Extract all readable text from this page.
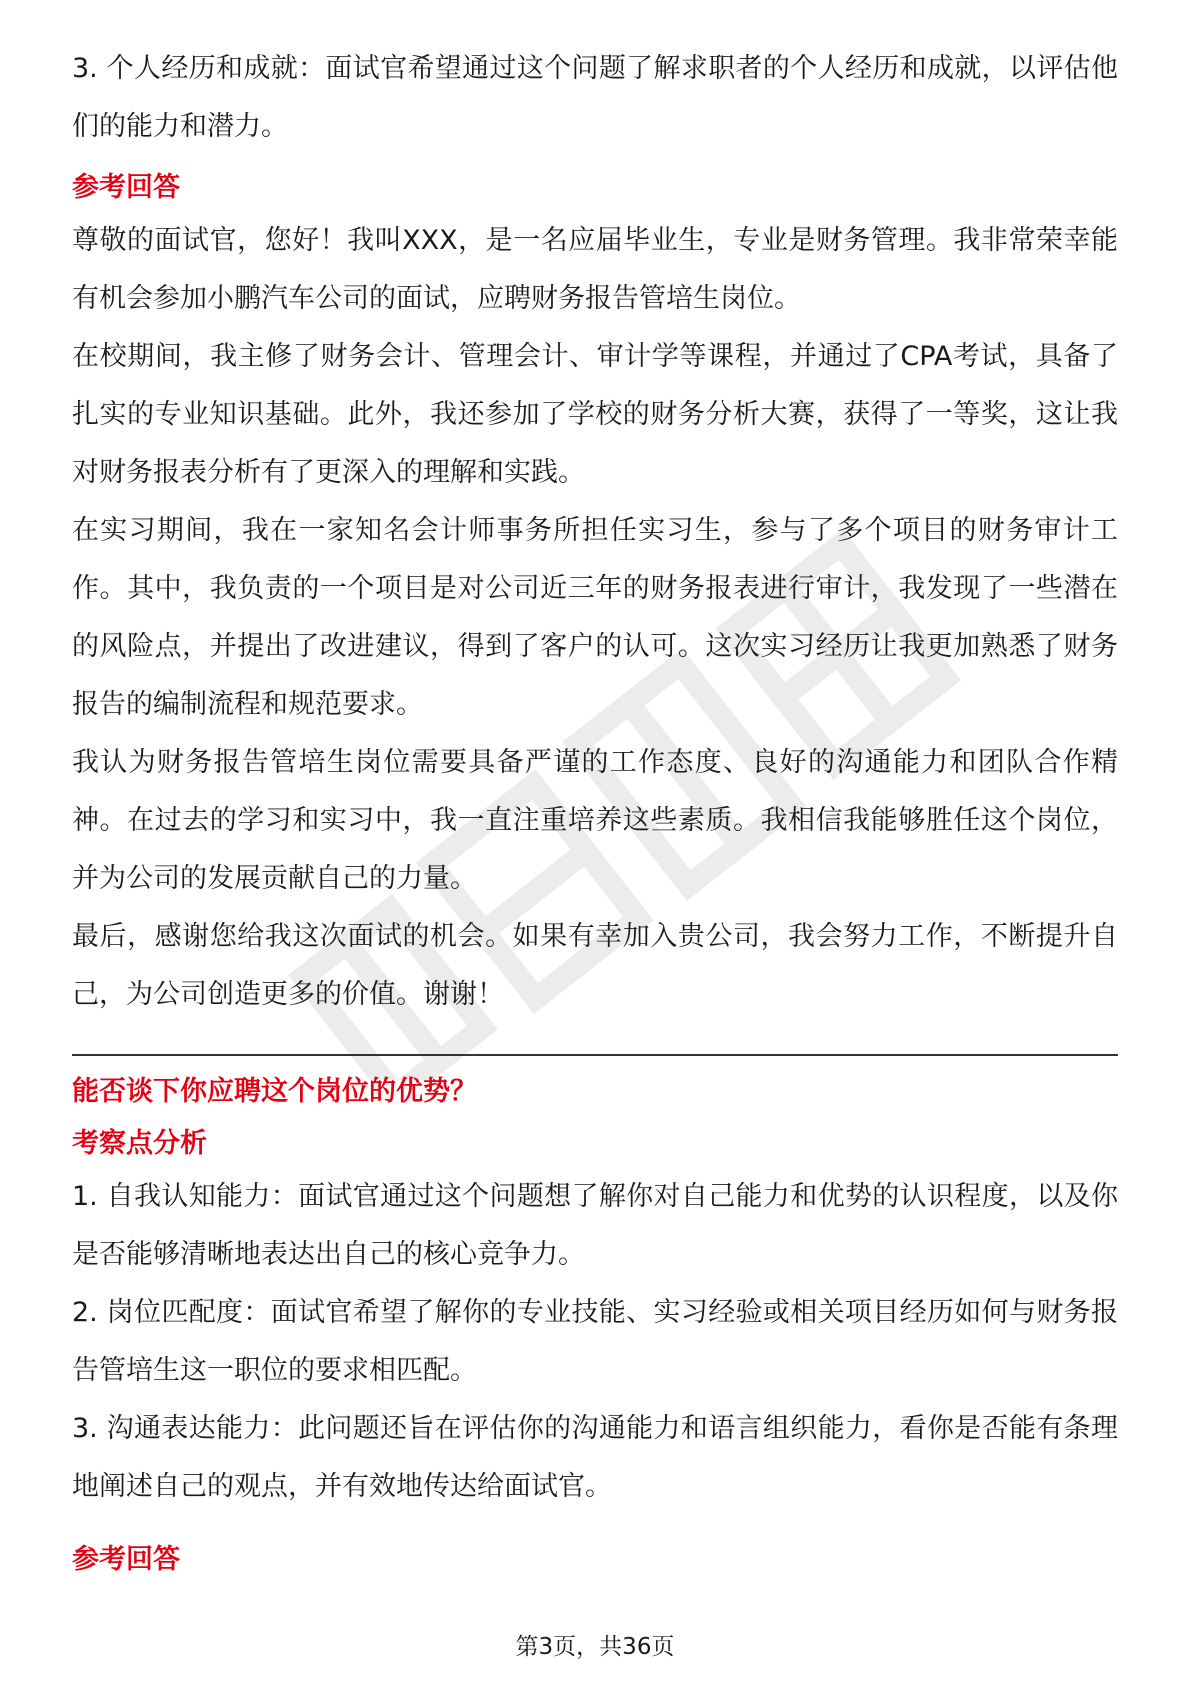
3. 个人经历和成就：面试官希望通过这个问题了解求职者的个人经历和成就，以评估他们的能力和潜力。

参考回答

尊敬的面试官，您好！我叫XXX，是一名应届毕业生，专业是财务管理。我非常荣幸能有机会参加小鹏汽车公司的面试，应聘财务报告管培生岗位。

在校期间，我主修了财务会计、管理会计、审计学等课程，并通过了CPA考试，具备了扎实的专业知识基础。此外，我还参加了学校的财务分析大赛，获得了一等奖，这让我对财务报表分析有了更深入的理解和实践。

在实习期间，我在一家知名会计师事务所担任实习生，参与了多个项目的财务审计工作。其中，我负责的一个项目是对公司近三年的财务报表进行审计，我发现了一些潜在的风险点，并提出了改进建议，得到了客户的认可。这次实习经历让我更加熟悉了财务报告的编制流程和规范要求。

我认为财务报告管培生岗位需要具备严谨的工作态度、良好的沟通能力和团队合作精神。在过去的学习和实习中，我一直注重培养这些素质。我相信我能够胜任这个岗位，并为公司的发展贡献自己的力量。

最后，感谢您给我这次面试的机会。如果有幸加入贵公司，我会努力工作，不断提升自己，为公司创造更多的价值。谢谢！

能否谈下你应聘这个岗位的优势？

考察点分析

1. 自我认知能力：面试官通过这个问题想了解你对自己能力和优势的认识程度，以及你是否能够清晰地表达出自己的核心竞争力。

2. 岗位匹配度：面试官希望了解你的专业技能、实习经验或相关项目经历如何与财务报告管培生这一职位的要求相匹配。

3. 沟通表达能力：此问题还旨在评估你的沟通能力和语言组织能力，看你是否能有条理地阐述自己的观点，并有效地传达给面试官。

参考回答

第3页，共36页
